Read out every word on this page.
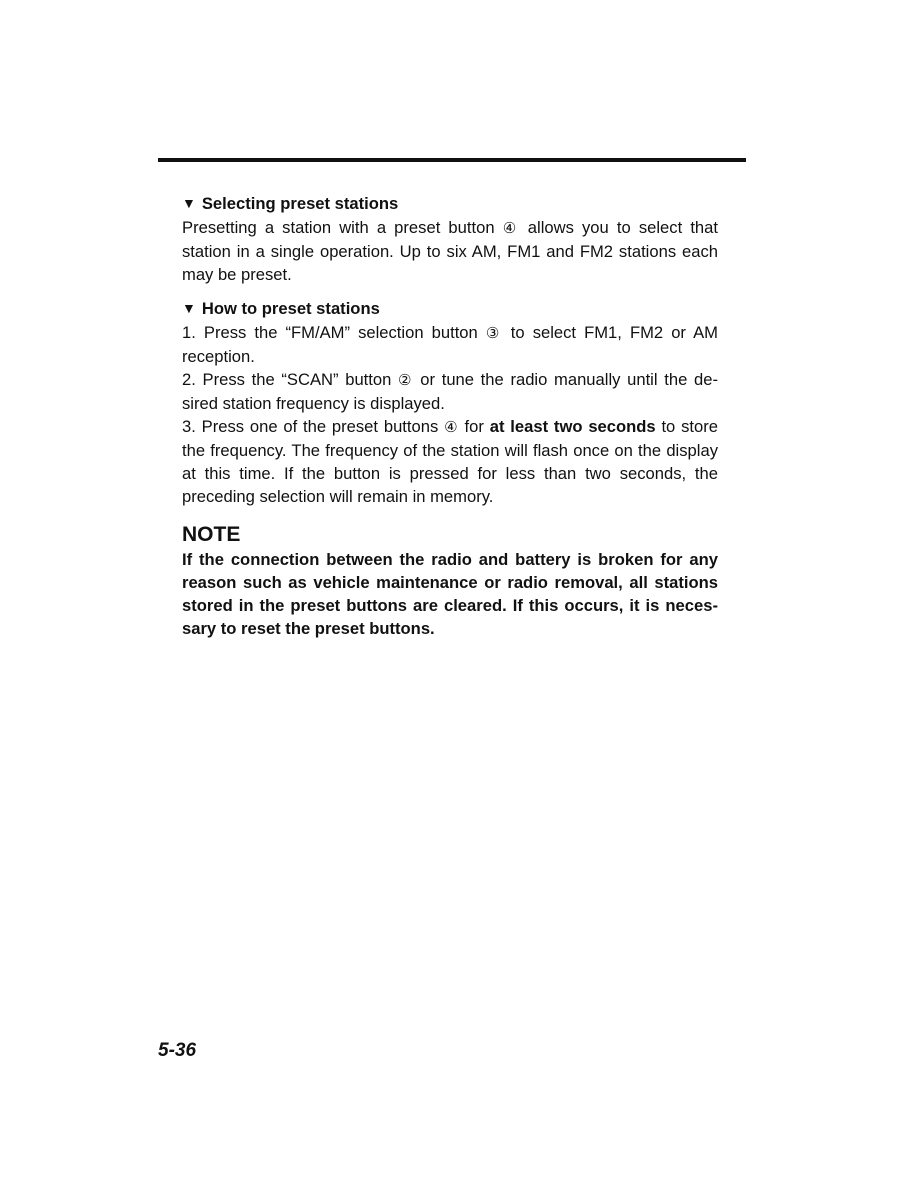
▼ Selecting preset stations

Presetting a station with a preset button ④ allows you to select that station in a single operation. Up to six AM, FM1 and FM2 stations each may be preset.

▼ How to preset stations

1. Press the “FM/AM” selection button ③ to select FM1, FM2 or AM reception.

2. Press the “SCAN” button ② or tune the radio manually until the de-sired station frequency is displayed.

3. Press one of the preset buttons ④ for at least two seconds to store the frequency. The frequency of the station will flash once on the display at this time. If the button is pressed for less than two seconds, the preceding selection will remain in memory.

NOTE

If the connection between the radio and battery is broken for any reason such as vehicle maintenance or radio removal, all stations stored in the preset buttons are cleared. If this occurs, it is neces-sary to reset the preset buttons.

5-36
